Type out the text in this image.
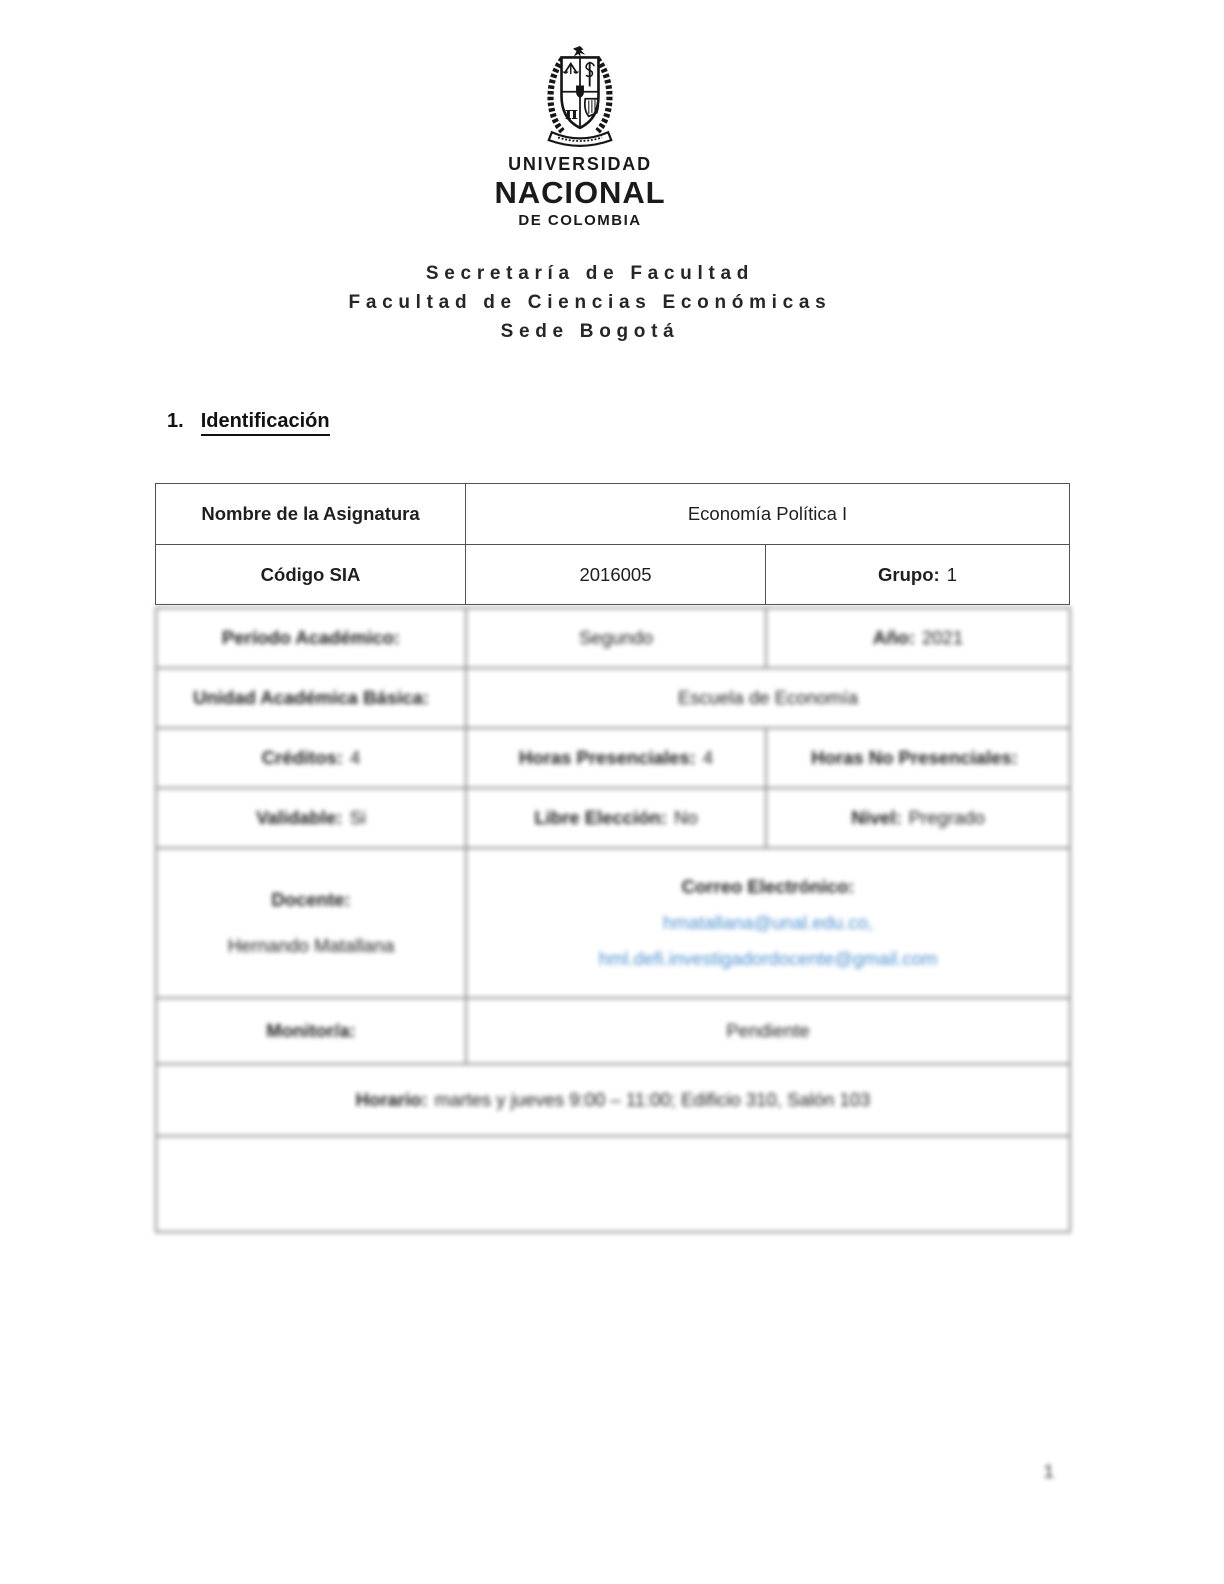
π
UNIVERSIDAD
NACIONAL
DE COLOMBIA
Secretaría de Facultad
Facultad de Ciencias Económicas
Sede Bogotá
1. Identificación
Nombre de la Asignatura	Economía Política I	
Código SIA	2016005	Grupo: 1
Período Académico:	Segundo	Año: 2021
Unidad Académica Básica:	Escuela de Economía	
Créditos: 4	Horas Presenciales: 4	Horas No Presenciales:
Validable: Si	Libre Elección: No	Nivel: Pregrado

Docente:
Hernando Matallana

Correo Electrónico:
hmatallana@unal.edu.co,
hml.defi.investigadordocente@gmail.com

Monitor/a:	Pendiente	
Horario: martes y jueves 9:00 – 11:00; Edificio 310, Salón 103		

1
